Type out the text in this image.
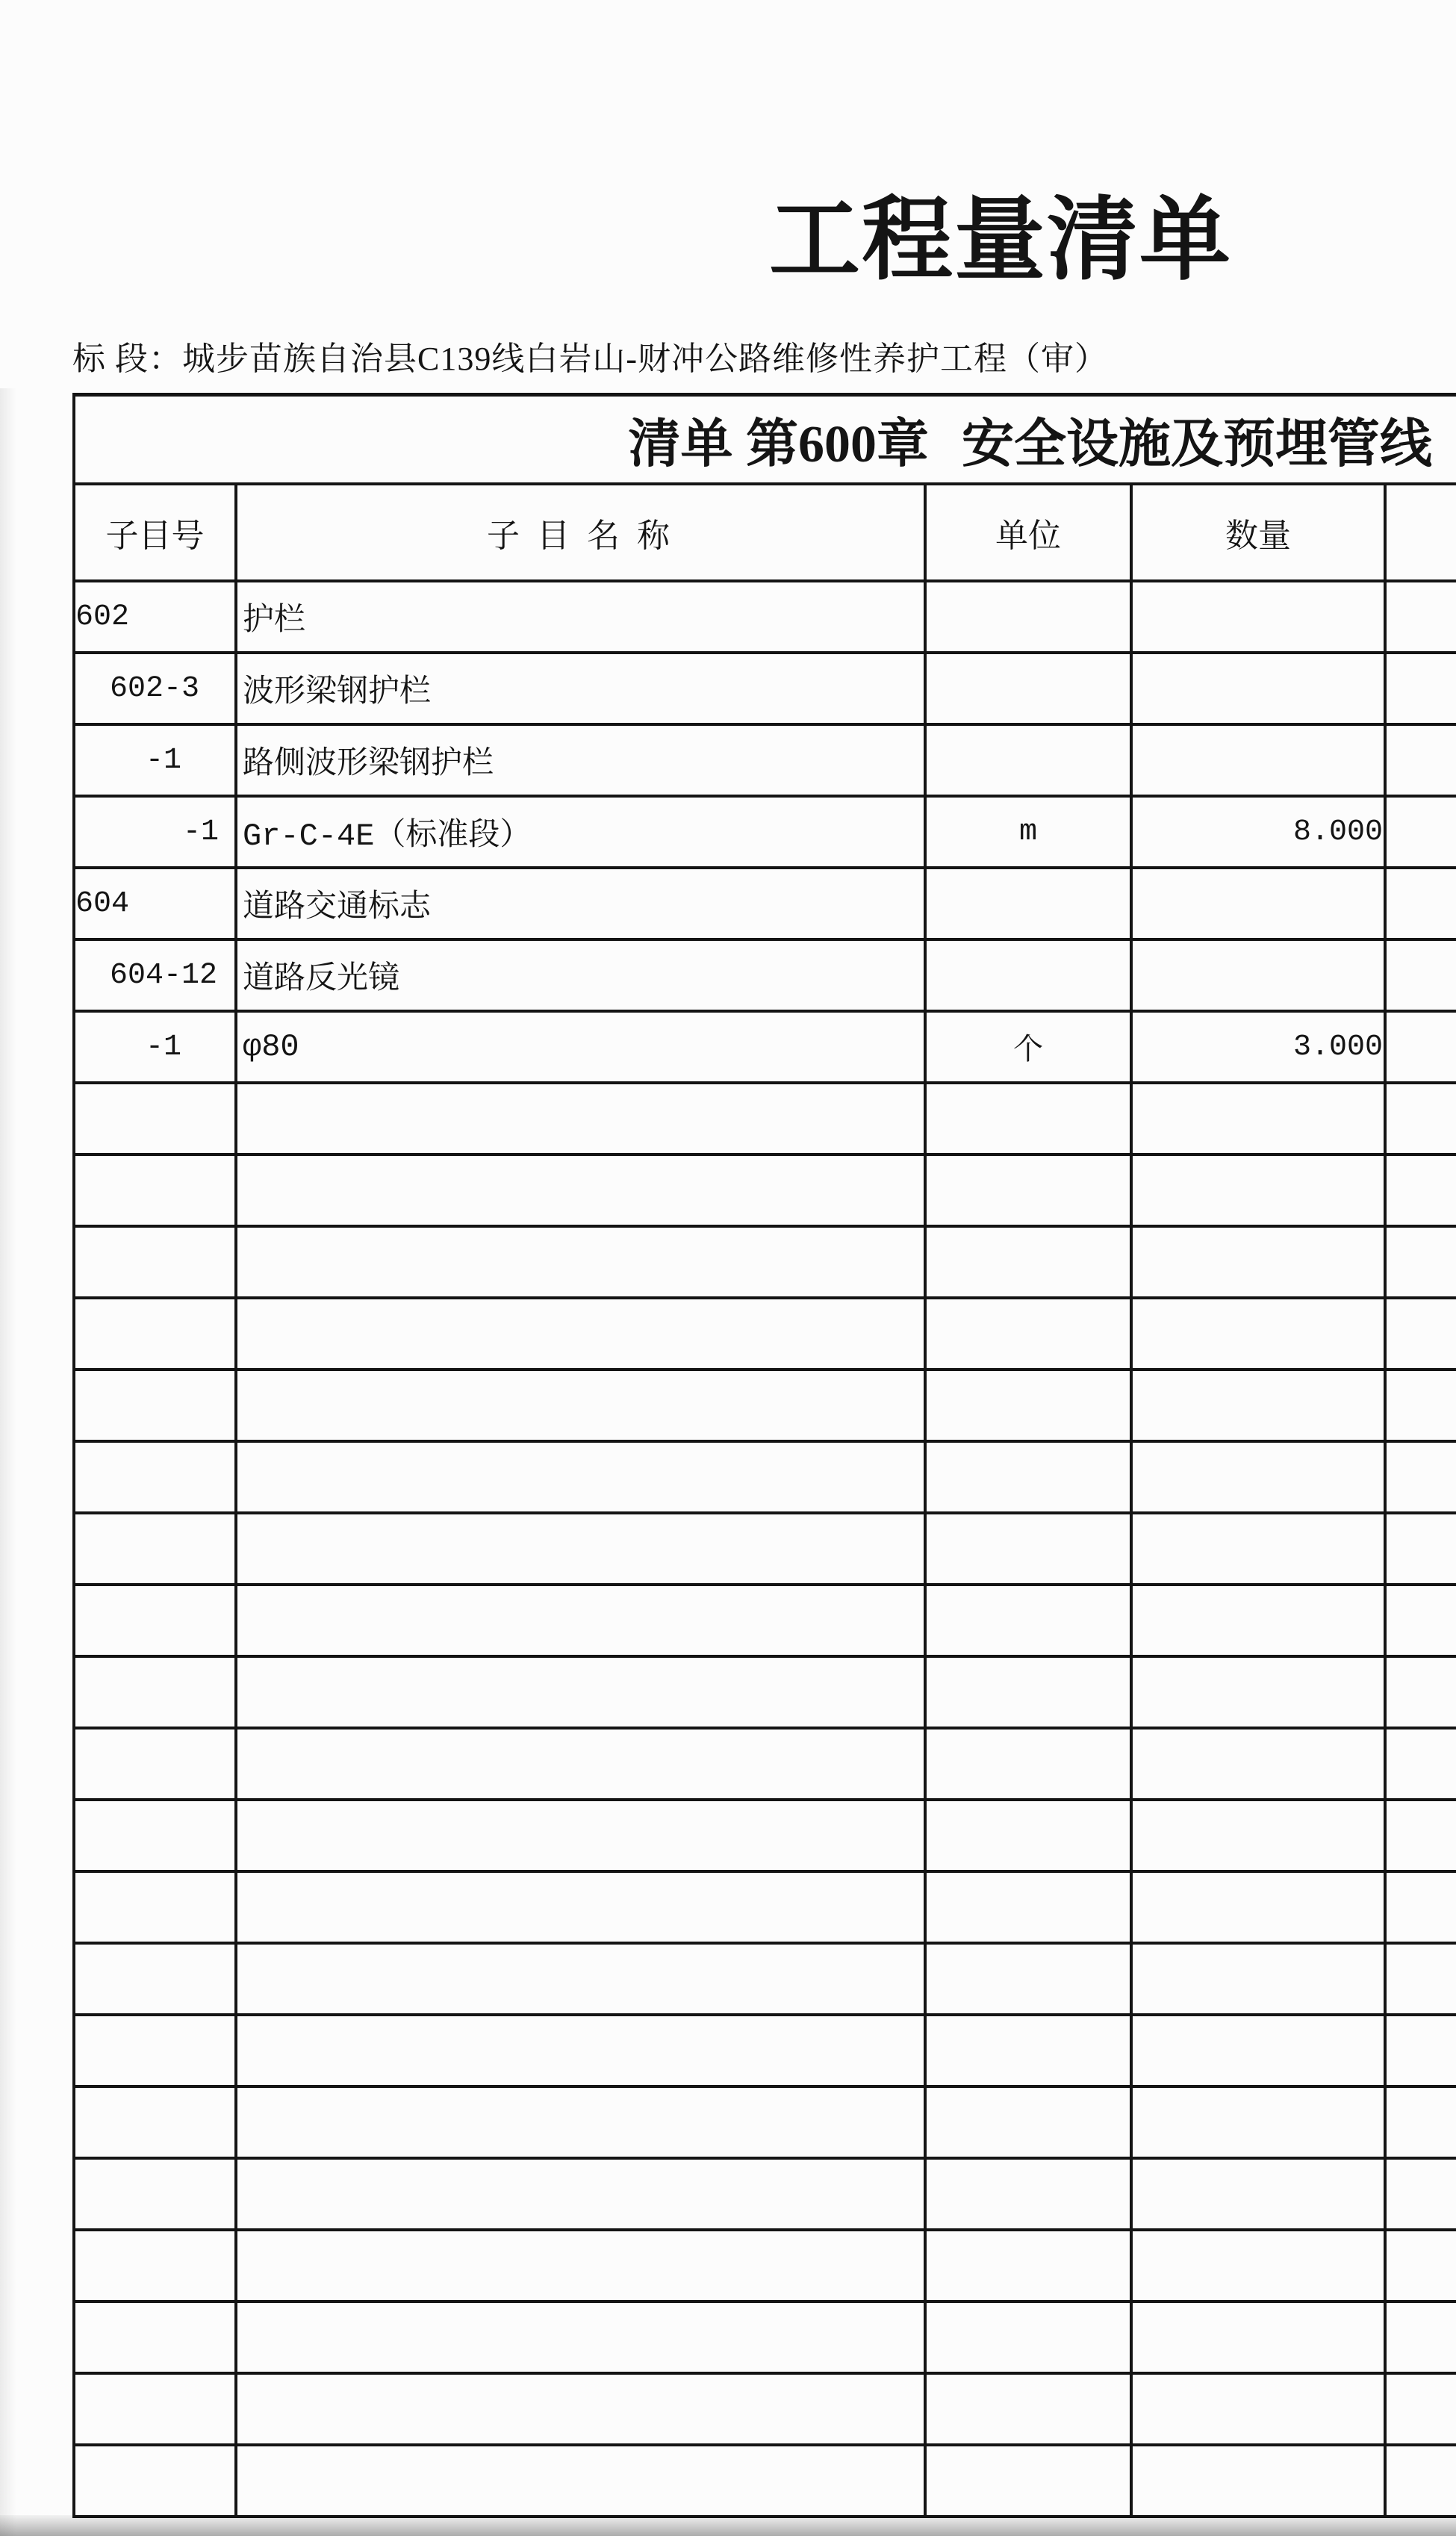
工程量清单
标 段：城步苗族自治县C139线白岩山-财冲公路维修性养护工程（审）
清单 第600章 安全设施及预埋管线
子目号	子 目 名 称	单位	数量
602	护栏
602-3 波形梁钢护栏
-1 路侧波形梁钢护栏
-1 Gr-C-4E（标准段）	m	8.000
604	道路交通标志
604-12 道路反光镜
-1 φ80	个	3.000
